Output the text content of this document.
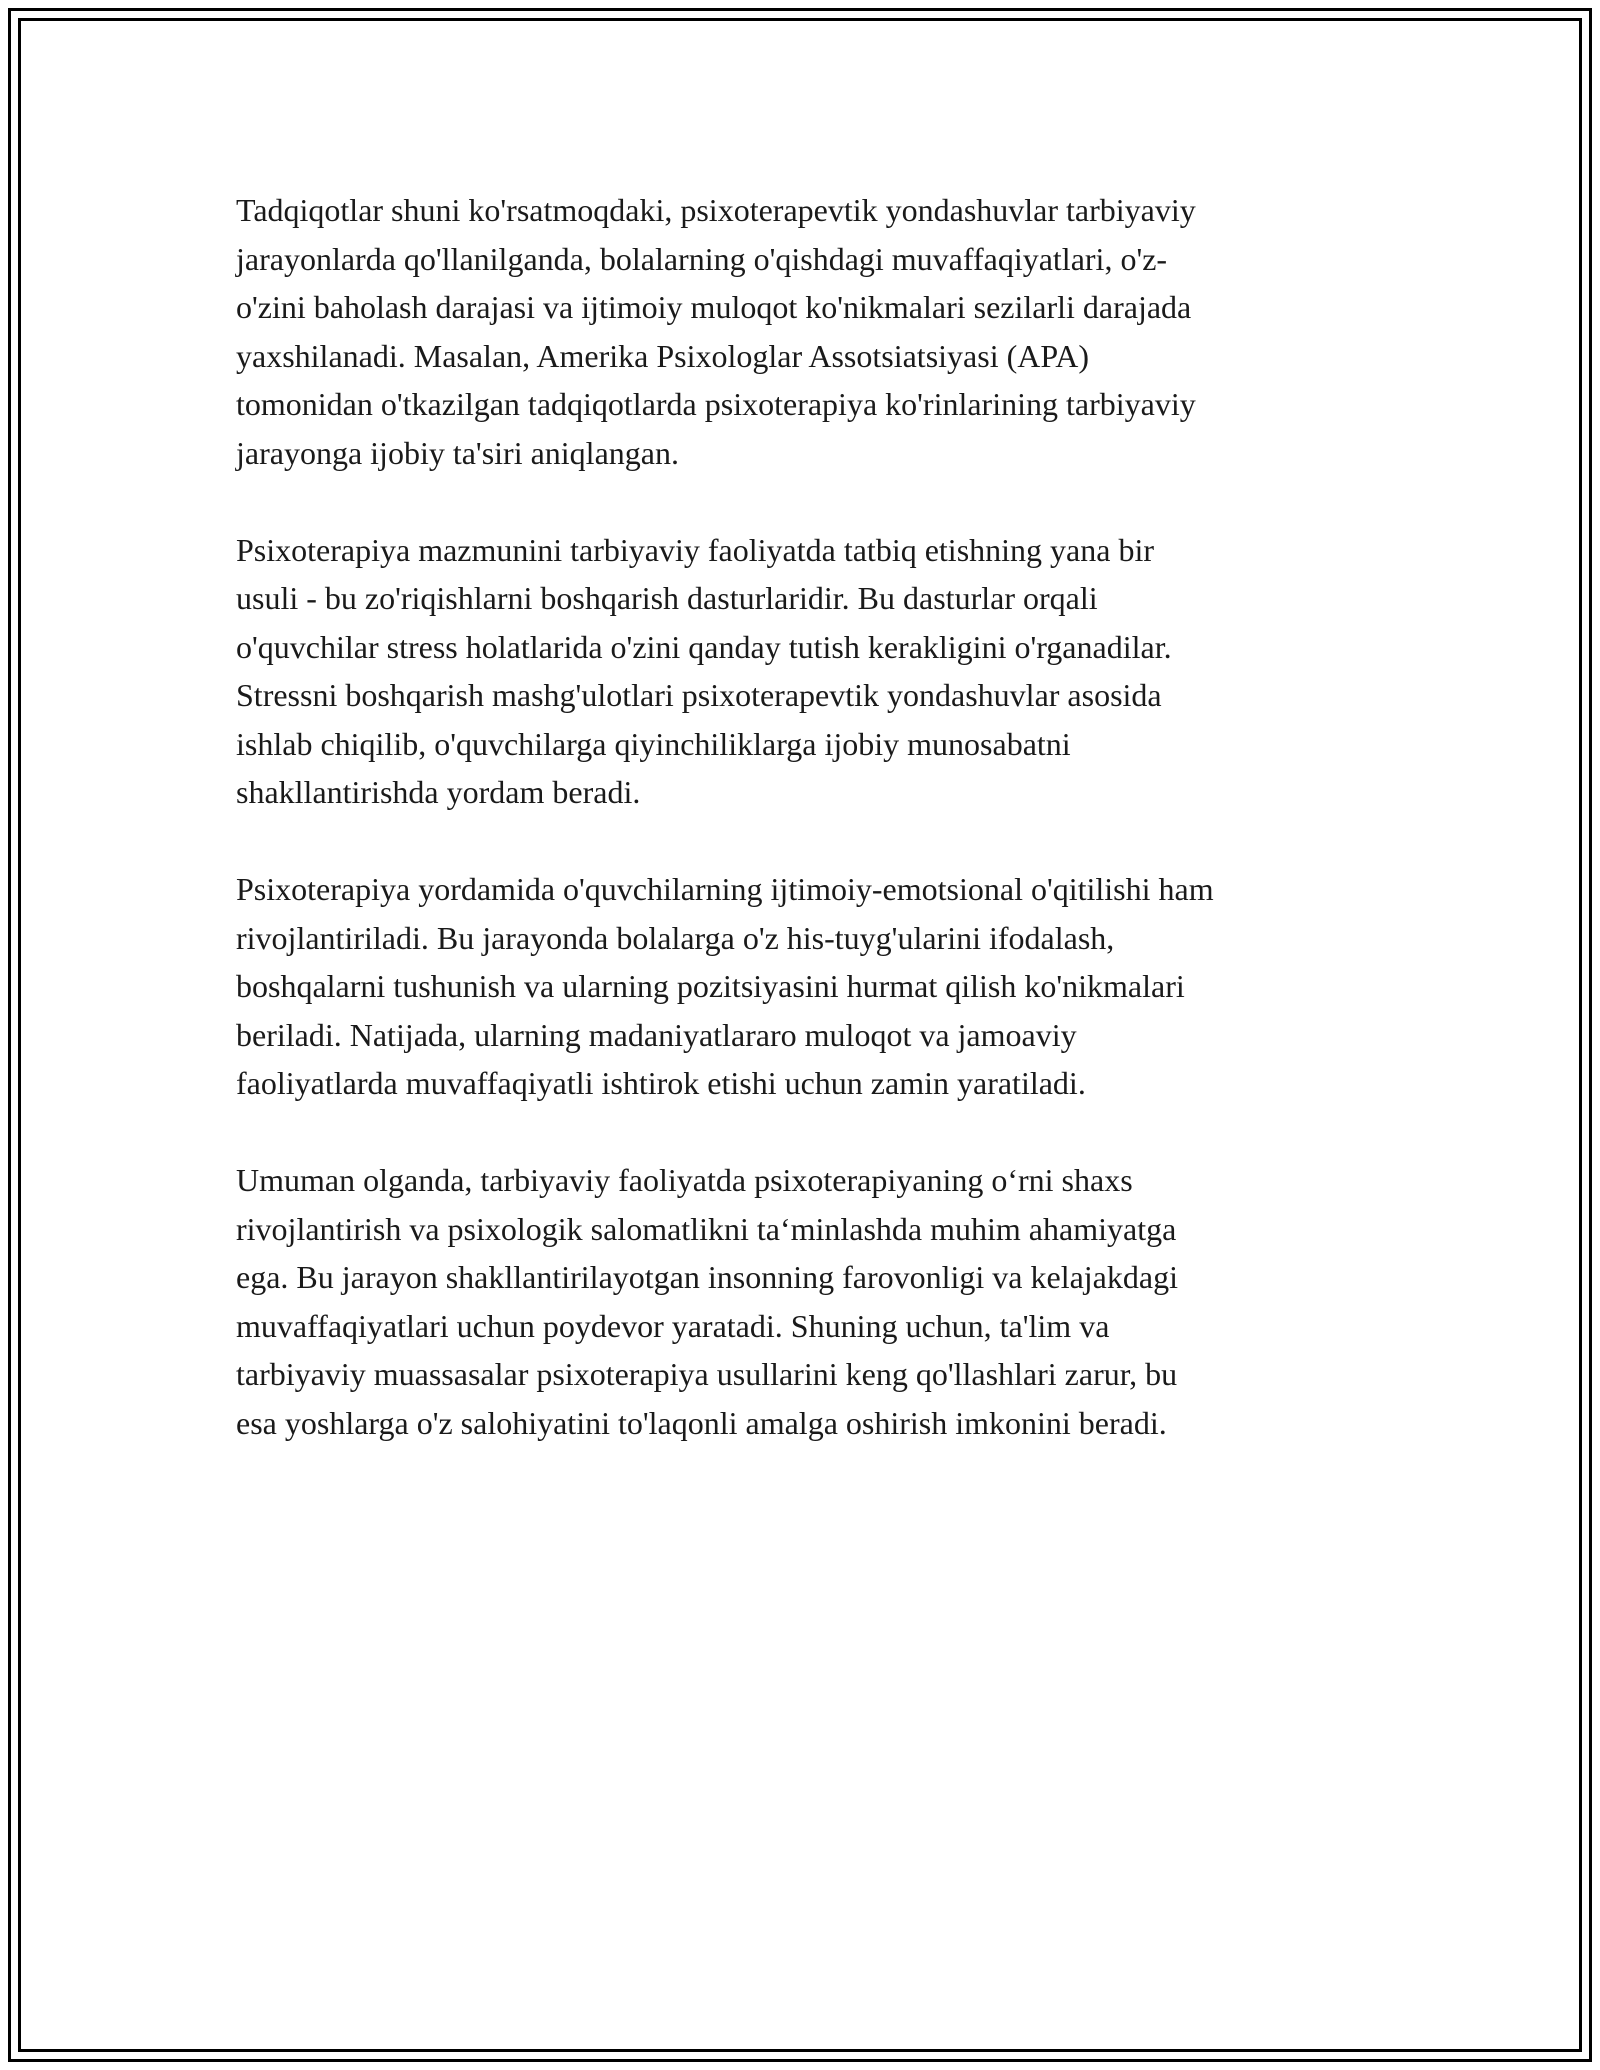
Tadqiqotlar shuni ko'rsatmoqdaki, psixoterapevtik yondashuvlar tarbiyaviy
jarayonlarda qo'llanilganda, bolalarning o'qishdagi muvaffaqiyatlari, o'z-
o'zini baholash darajasi va ijtimoiy muloqot ko'nikmalari sezilarli darajada
yaxshilanadi. Masalan, Amerika Psixologlar Assotsiatsiyasi (APA)
tomonidan o'tkazilgan tadqiqotlarda psixoterapiya ko'rinlarining tarbiyaviy
jarayonga ijobiy ta'siri aniqlangan.

Psixoterapiya mazmunini tarbiyaviy faoliyatda tatbiq etishning yana bir
usuli - bu zo'riqishlarni boshqarish dasturlaridir. Bu dasturlar orqali
o'quvchilar stress holatlarida o'zini qanday tutish kerakligini o'rganadilar.
Stressni boshqarish mashg'ulotlari psixoterapevtik yondashuvlar asosida
ishlab chiqilib, o'quvchilarga qiyinchiliklarga ijobiy munosabatni
shakllantirishda yordam beradi.

Psixoterapiya yordamida o'quvchilarning ijtimoiy-emotsional o'qitilishi ham
rivojlantiriladi. Bu jarayonda bolalarga o'z his-tuyg'ularini ifodalash,
boshqalarni tushunish va ularning pozitsiyasini hurmat qilish ko'nikmalari
beriladi. Natijada, ularning madaniyatlararo muloqot va jamoaviy
faoliyatlarda muvaffaqiyatli ishtirok etishi uchun zamin yaratiladi.

Umuman olganda, tarbiyaviy faoliyatda psixoterapiyaning o‘rni shaxs
rivojlantirish va psixologik salomatlikni ta‘minlashda muhim ahamiyatga
ega. Bu jarayon shakllantirilayotgan insonning farovonligi va kelajakdagi
muvaffaqiyatlari uchun poydevor yaratadi. Shuning uchun, ta'lim va
tarbiyaviy muassasalar psixoterapiya usullarini keng qo'llashlari zarur, bu
esa yoshlarga o'z salohiyatini to'laqonli amalga oshirish imkonini beradi.
